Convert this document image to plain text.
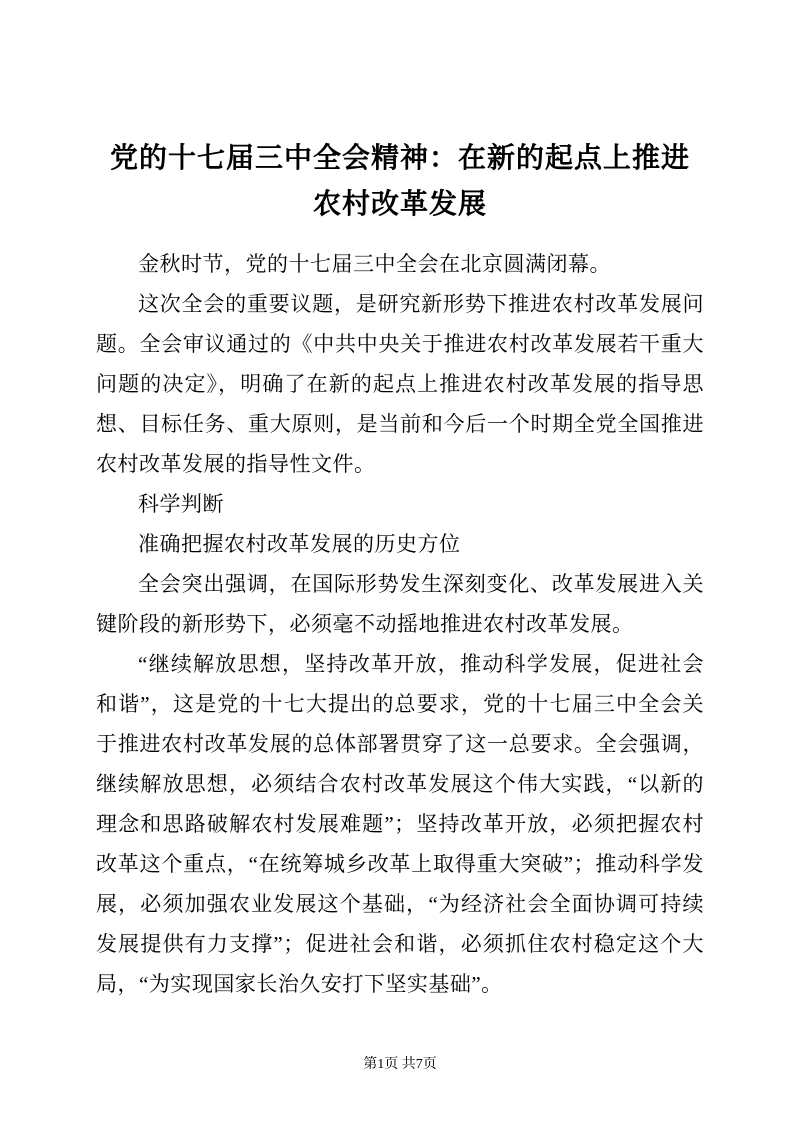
党的十七届三中全会精神：在新的起点上推进农村改革发展

金秋时节，党的十七届三中全会在北京圆满闭幕。

这次全会的重要议题，是研究新形势下推进农村改革发展问题。全会审议通过的《中共中央关于推进农村改革发展若干重大问题的决定》，明确了在新的起点上推进农村改革发展的指导思想、目标任务、重大原则，是当前和今后一个时期全党全国推进农村改革发展的指导性文件。

科学判断

准确把握农村改革发展的历史方位

全会突出强调，在国际形势发生深刻变化、改革发展进入关键阶段的新形势下，必须毫不动摇地推进农村改革发展。

“继续解放思想，坚持改革开放，推动科学发展，促进社会和谐”，这是党的十七大提出的总要求，党的十七届三中全会关于推进农村改革发展的总体部署贯穿了这一总要求。全会强调，继续解放思想，必须结合农村改革发展这个伟大实践，“以新的理念和思路破解农村发展难题”；坚持改革开放，必须把握农村改革这个重点，“在统筹城乡改革上取得重大突破”；推动科学发展，必须加强农业发展这个基础，“为经济社会全面协调可持续发展提供有力支撑”；促进社会和谐，必须抓住农村稳定这个大局，“为实现国家长治久安打下坚实基础”。

第1页 共7页
